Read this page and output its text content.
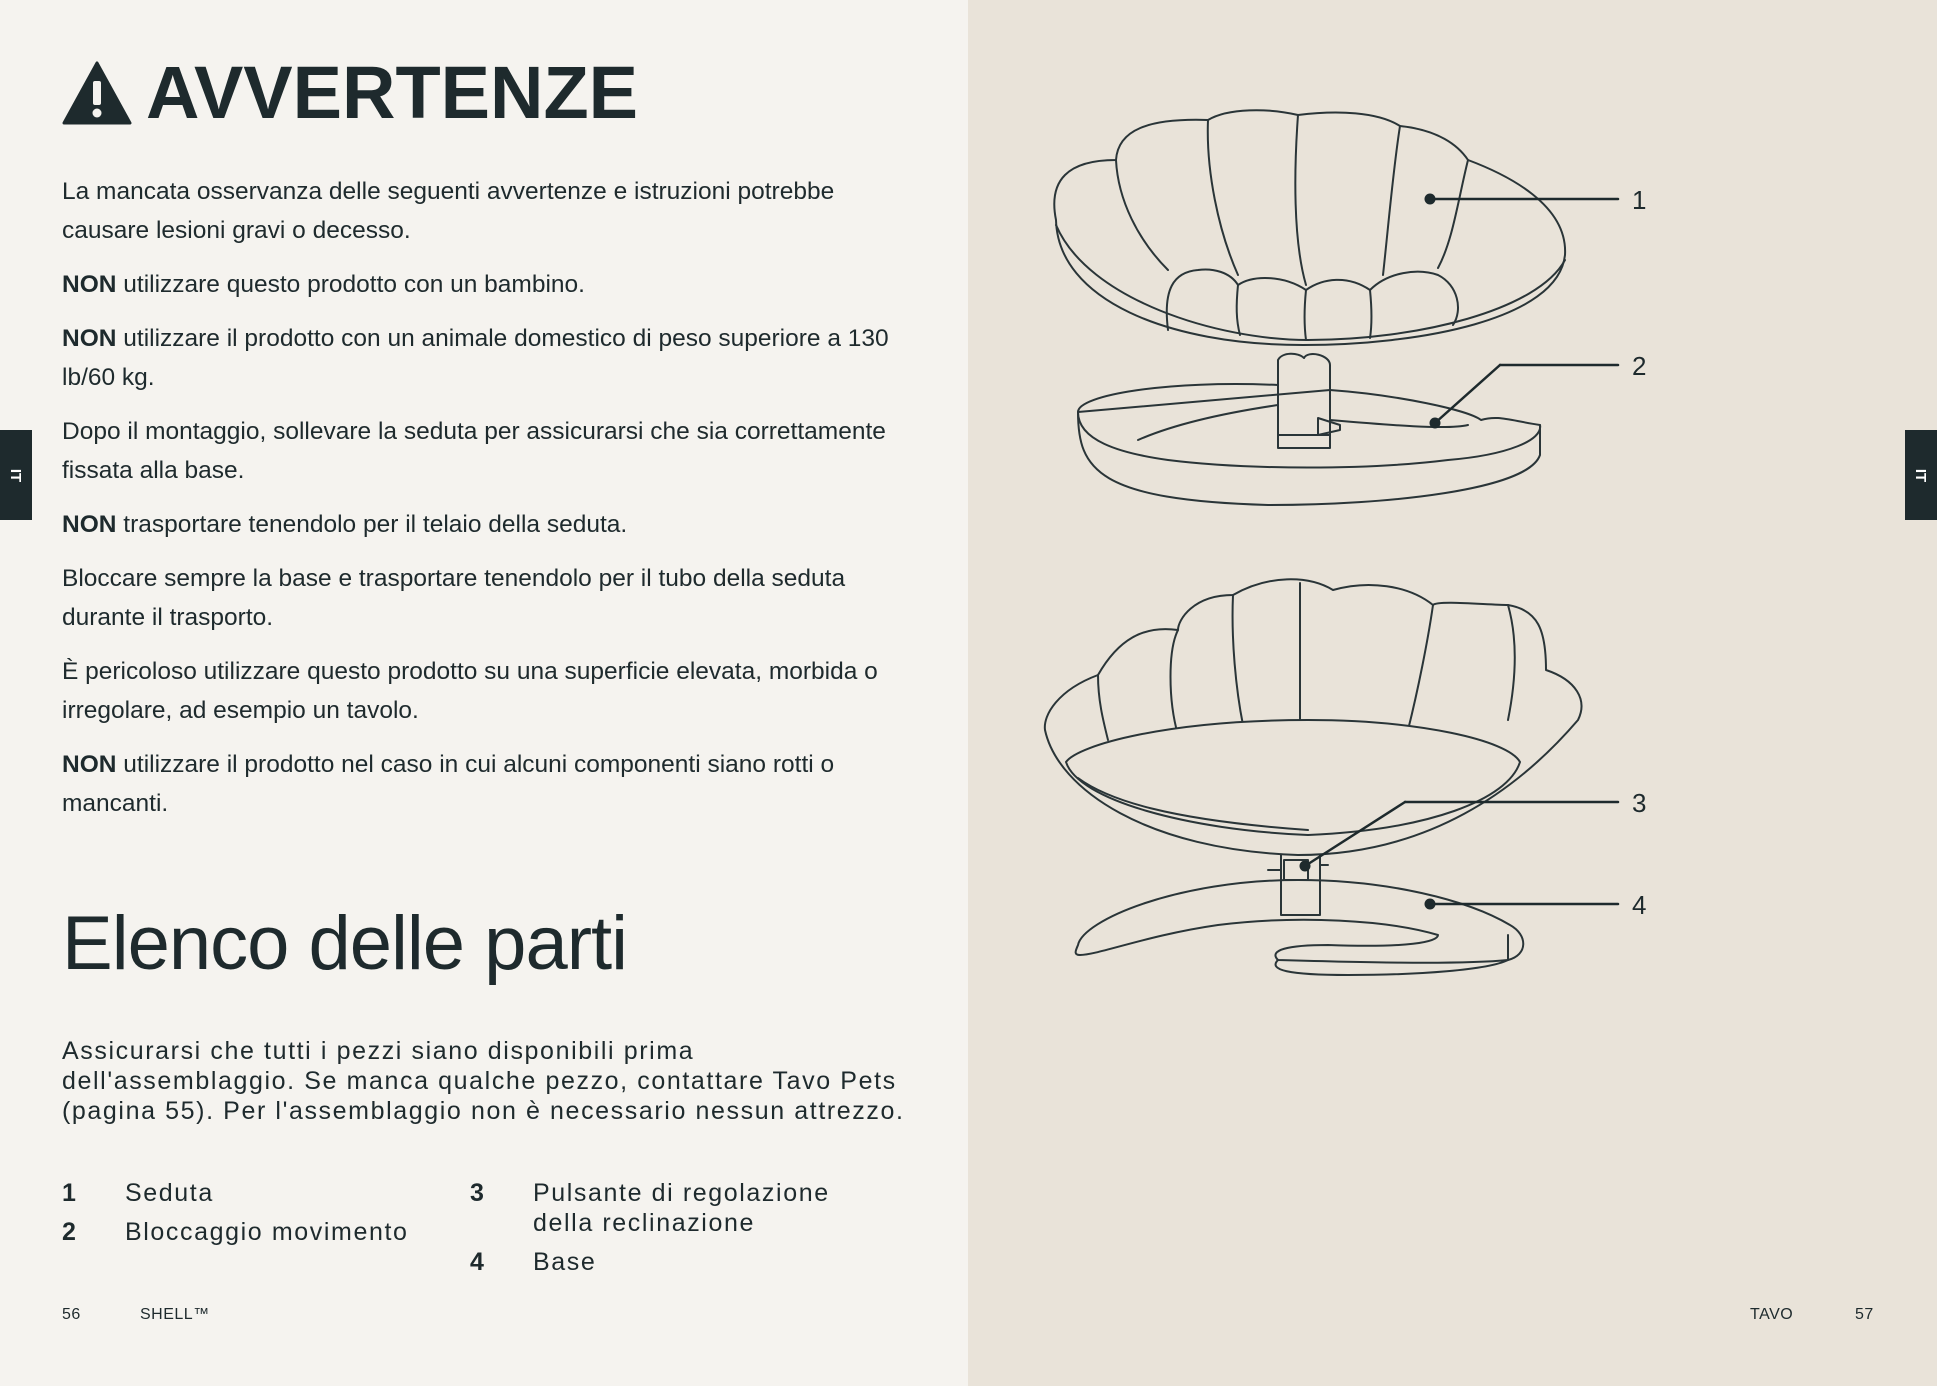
IT
AVVERTENZE

La mancata osservanza delle seguenti avvertenze e istruzioni potrebbe causare lesioni gravi o decesso.

NON utilizzare questo prodotto con un bambino.

NON utilizzare il prodotto con un animale domestico di peso superiore a 130 lb/60 kg.

Dopo il montaggio, sollevare la seduta per assicurarsi che sia correttamente fissata alla base.

NON trasportare tenendolo per il telaio della seduta.

Bloccare sempre la base e trasportare tenendolo per il tubo della seduta durante il trasporto.

È pericoloso utilizzare questo prodotto su una superficie elevata, morbida o irregolare, ad esempio un tavolo.

NON utilizzare il prodotto nel caso in cui alcuni componenti siano rotti o mancanti.

Elenco delle parti
Assicurarsi che tutti i pezzi siano disponibili prima dell'assemblaggio. Se manca qualche pezzo, contattare Tavo Pets (pagina 55). Per l'assemblaggio non è necessario nessun attrezzo.
1 Seduta
2 Bloccaggio movimento
3 Pulsante di regolazione della reclinazione
4 Base
56	SHELL™
IT
1
2
3
4
TAVO	57
